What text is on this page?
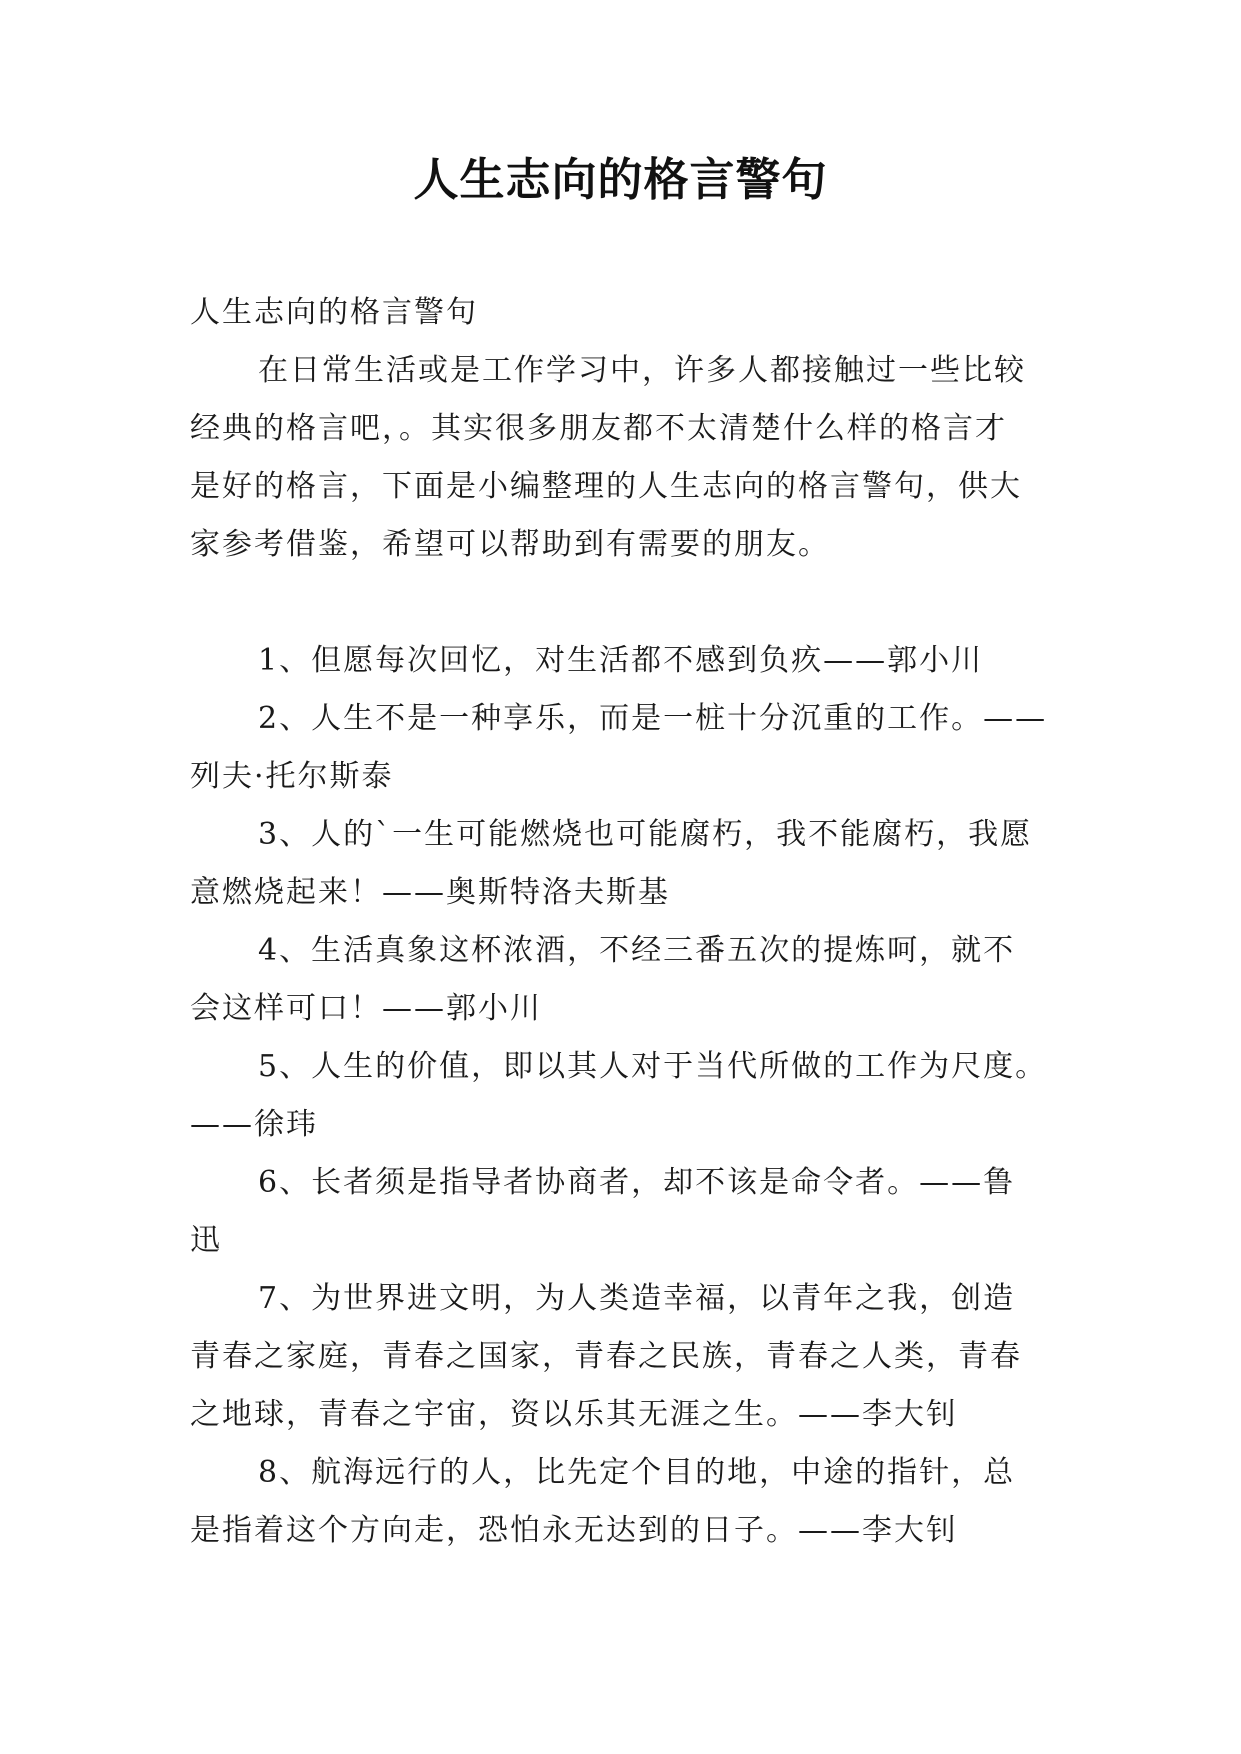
人生志向的格言警句

人生志向的格言警句

在日常生活或是工作学习中，许多人都接触过一些比较

经典的格言吧，。其实很多朋友都不太清楚什么样的格言才

是好的格言，下面是小编整理的人生志向的格言警句，供大

家参考借鉴，希望可以帮助到有需要的朋友。

1、但愿每次回忆，对生活都不感到负疚——郭小川

2、人生不是一种享乐，而是一桩十分沉重的工作。——

列夫·托尔斯泰

3、人的`一生可能燃烧也可能腐朽，我不能腐朽，我愿

意燃烧起来！——奥斯特洛夫斯基

4、生活真象这杯浓酒，不经三番五次的提炼呵，就不

会这样可口！——郭小川

5、人生的价值，即以其人对于当代所做的工作为尺度。

——徐玮

6、长者须是指导者协商者，却不该是命令者。——鲁

迅

7、为世界进文明，为人类造幸福，以青年之我，创造

青春之家庭，青春之国家，青春之民族，青春之人类，青春

之地球，青春之宇宙，资以乐其无涯之生。——李大钊

8、航海远行的人，比先定个目的地，中途的指针，总

是指着这个方向走，恐怕永无达到的日子。——李大钊
